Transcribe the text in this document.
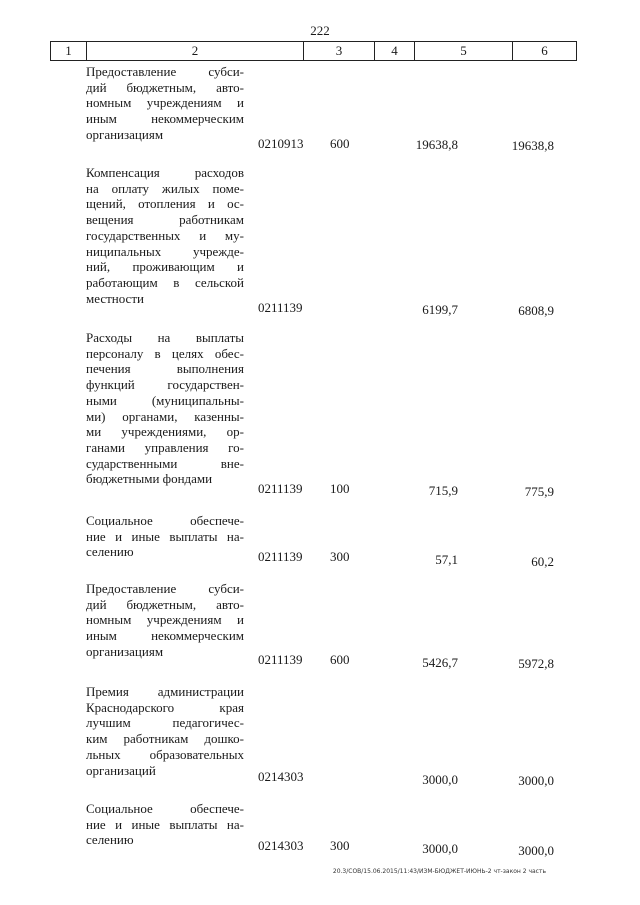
222
1	2	3	4	5	6
Предоставление субси-
дий бюджетным, авто-
номным учреждениям и
иным некоммерческим
организациям
0210913 600	19638,8	19638,8
Компенсация расходов
на оплату жилых поме-
щений, отопления и ос-
вещения работникам
государственных и му-
ниципальных учрежде-
ний, проживающим и
работающим в сельской
местности
0211139	6199,7	6808,9
Расходы на выплаты
персоналу в целях обес-
печения выполнения
функций государствен-
ными (муниципальны-
ми) органами, казенны-
ми учреждениями, ор-
ганами управления го-
сударственными вне-
бюджетными фондами
0211139 100	715,9	775,9
Социальное обеспече-
ние и иные выплаты на-
селению	0211139 300	57,1	60,2
Предоставление субси-
дий бюджетным, авто-
номным учреждениям и
иным некоммерческим
организациям
0211139 600	5426,7	5972,8
Премия администрации
Краснодарского края
лучшим педагогичес-
ким работникам дошко-
льных образовательных
организаций	0214303	3000,0	3000,0
Социальное обеспече-
ние и иные выплаты на-
селению	0214303 300	3000,0	3000,0
20.3/СОВ/15.06.2015/11:43/ИЗМ-БЮДЖЕТ-ИЮНЬ-2 чт-закон 2 часть
